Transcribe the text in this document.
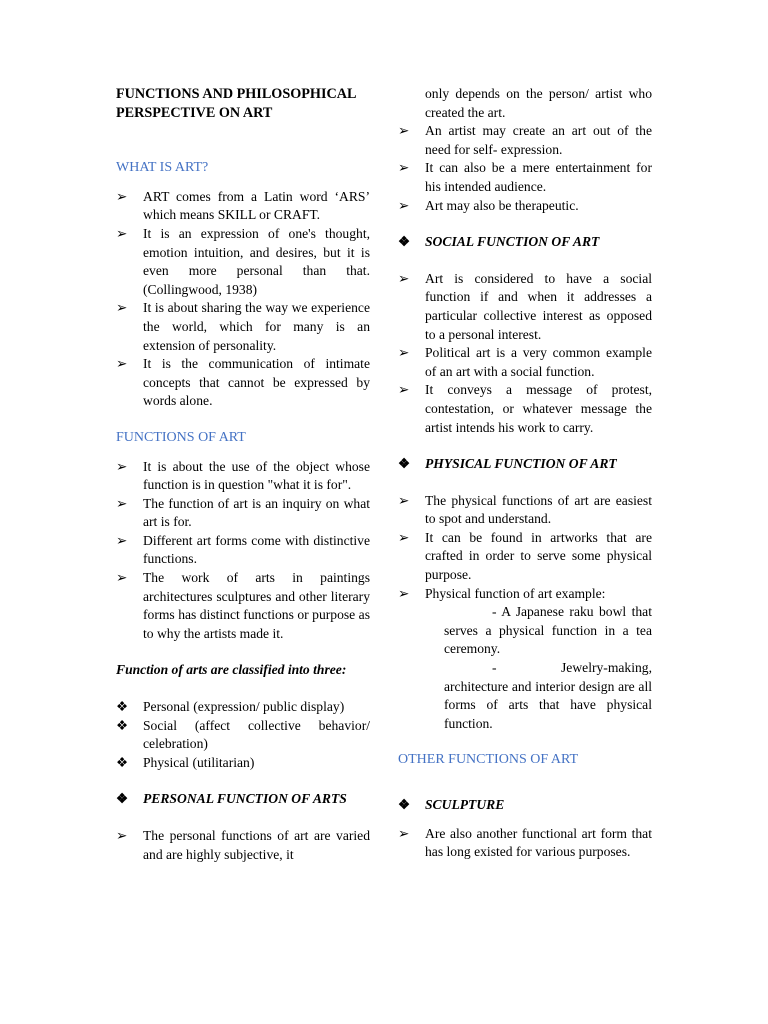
FUNCTIONS AND PHILOSOPHICAL
PERSPECTIVE ON ART

WHAT IS ART?

➢	ART comes from a Latin word ‘ARS’ which means SKILL or CRAFT.

➢	It is an expression of one's thought, emotion intuition, and desires, but it is even more personal than that. (Collingwood, 1938)

➢	It is about sharing the way we experience the world, which for many is an extension of personality.

➢	It is the communication of intimate concepts that cannot be expressed by words alone.

FUNCTIONS OF ART

➢	It is about the use of the object whose function is in question "what it is for".

➢	The function of art is an inquiry on what art is for.

➢	Different art forms come with distinctive functions.

➢	The work of arts in paintings architectures sculptures and other literary forms has distinct functions or purpose as to why the artists made it.

Function of arts are classified into three:

❖	Personal (expression/ public display)

❖	Social (affect collective behavior/ celebration)

❖	Physical (utilitarian)

❖	PERSONAL FUNCTION OF ARTS

➢	The personal functions of art are varied and are highly subjective, it

only depends on the person/ artist who created the art.

➢	An artist may create an art out of the need for self- expression.

➢	It can also be a mere entertainment for his intended audience.

➢	Art may also be therapeutic.

❖	SOCIAL FUNCTION OF ART

➢	Art is considered to have a social function if and when it addresses a particular collective interest as opposed to a personal interest.

➢	Political art is a very common example of an art with a social function.

➢	It conveys a message of protest, contestation, or whatever message the artist intends his work to carry.

❖	PHYSICAL FUNCTION OF ART

➢	The physical functions of art are easiest to spot and understand.

➢	It can be found in artworks that are crafted in order to serve some physical purpose.

➢	Physical function of art example:

- A Japanese raku bowl that serves a physical function in a tea ceremony.

-	Jewelry-making, architecture and interior design are all forms of arts that have physical function.

OTHER FUNCTIONS OF ART

❖	SCULPTURE

➢	Are also another functional art form that has long existed for various purposes.
